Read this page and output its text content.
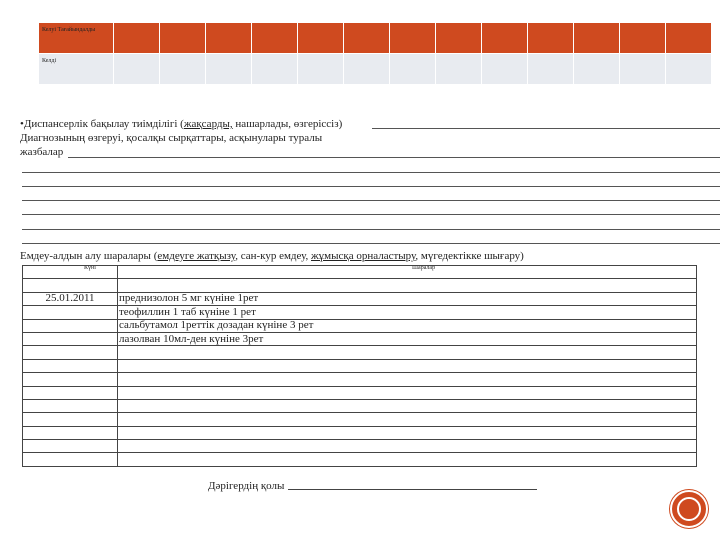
Келуі Тағайындалды													
Келді													
•Диспансерлік бақылау тиімділігі (жақсарды, нашарлады, өзгеріссіз)
Диагнозының өзгеруі, қосалқы сырқаттары, асқынулары туралы
жазбалар
Емдеу-алдын алу шаралары (емдеуге жатқызу, сан-кур емдеу, жұмысқа орналастыру, мүгедектікке шығару)
Күні	Шаралар

25.01.2011	преднизолон 5 мг күніне 1рет
	теофиллин 1 таб күніне 1 рет
	сальбутамол 1реттік дозадан күніне 3 рет
	лазолван 10мл-ден күніне 3рет

Дәрігердің қолы
